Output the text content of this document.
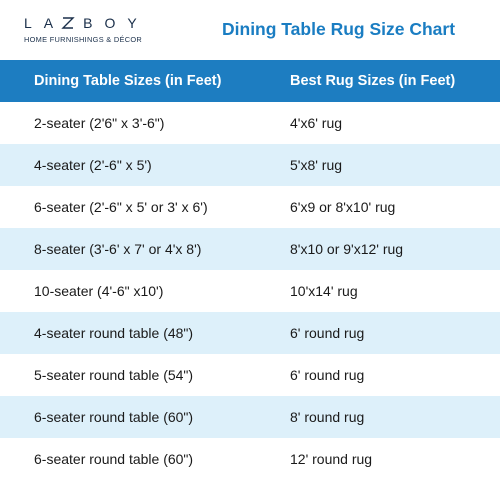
LA BOY
HOME FURNISHINGS & DÉCOR
Dining Table Rug Size Chart
Dining Table Sizes (in Feet)	Best Rug Sizes (in Feet)
2-seater (2'6" x 3'-6")	4'x6' rug
4-seater (2'-6" x 5')	5'x8' rug
6-seater (2'-6" x 5' or 3' x 6')	6'x9 or 8'x10' rug
8-seater (3'-6' x 7' or 4'x 8')	8'x10 or 9'x12' rug
10-seater (4'-6" x10')	10'x14' rug
4-seater round table (48")	6' round rug
5-seater round table (54")	6' round rug
6-seater round table (60")	8' round rug
6-seater round table (60")	12' round rug
